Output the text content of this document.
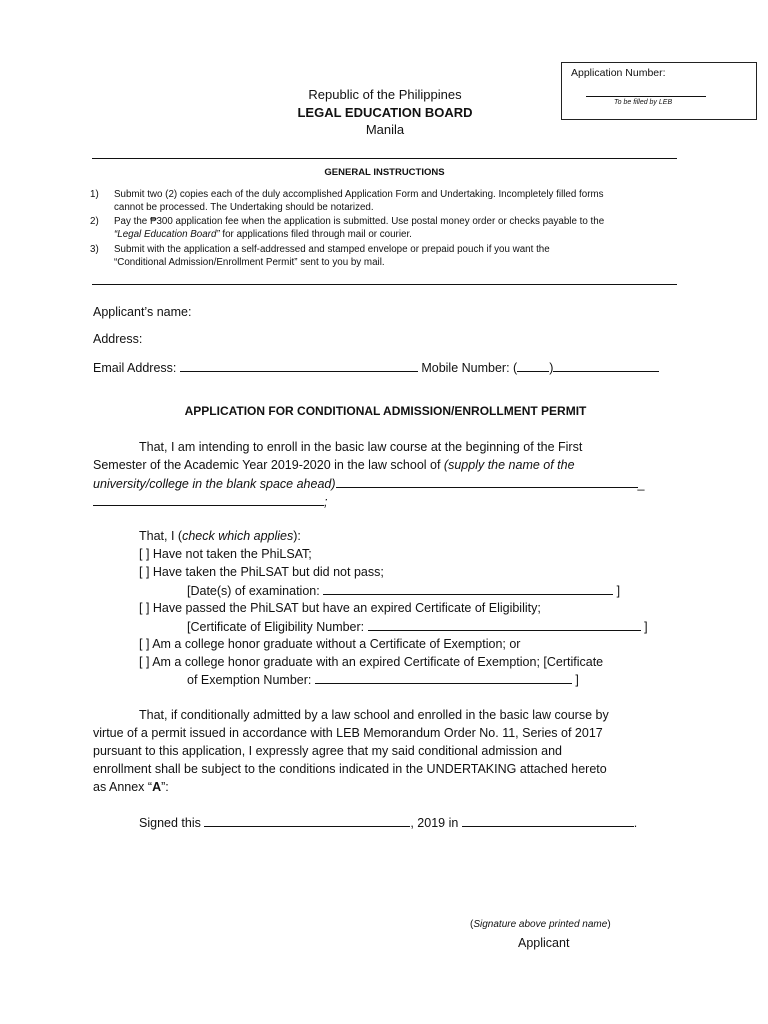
Application Number:
To be filled by LEB
Republic of the Philippines
LEGAL EDUCATION BOARD
Manila
GENERAL INSTRUCTIONS
1) Submit two (2) copies each of the duly accomplished Application Form and Undertaking. Incompletely filled forms
cannot be processed. The Undertaking should be notarized.
2) Pay the ₱300 application fee when the application is submitted. Use postal money order or checks payable to the
“Legal Education Board” for applications filed through mail or courier.
3) Submit with the application a self-addressed and stamped envelope or prepaid pouch if you want the
“Conditional Admission/Enrollment Permit” sent to you by mail.
Applicant’s name:
Address:
Email Address:	Mobile Number: (	)
APPLICATION FOR CONDITIONAL ADMISSION/ENROLLMENT PERMIT
That, I am intending to enroll in the basic law course at the beginning of the First
Semester of the Academic Year 2019-2020 in the law school of (supply the name of the
university/college in the blank space ahead)	_
;
That, I (check which applies):
[ ] Have not taken the PhiLSAT;
[ ] Have taken the PhiLSAT but did not pass;
[Date(s) of examination:	]
[ ] Have passed the PhiLSAT but have an expired Certificate of Eligibility;
[Certificate of Eligibility Number:	]
[ ] Am a college honor graduate without a Certificate of Exemption; or
[ ] Am a college honor graduate with an expired Certificate of Exemption; [Certificate
of Exemption Number:	]
That, if conditionally admitted by a law school and enrolled in the basic law course by
virtue of a permit issued in accordance with LEB Memorandum Order No. 11, Series of 2017
pursuant to this application, I expressly agree that my said conditional admission and
enrollment shall be subject to the conditions indicated in the UNDERTAKING attached hereto
as Annex “A”:
Signed this	, 2019 in	.
(Signature above printed name)
Applicant
